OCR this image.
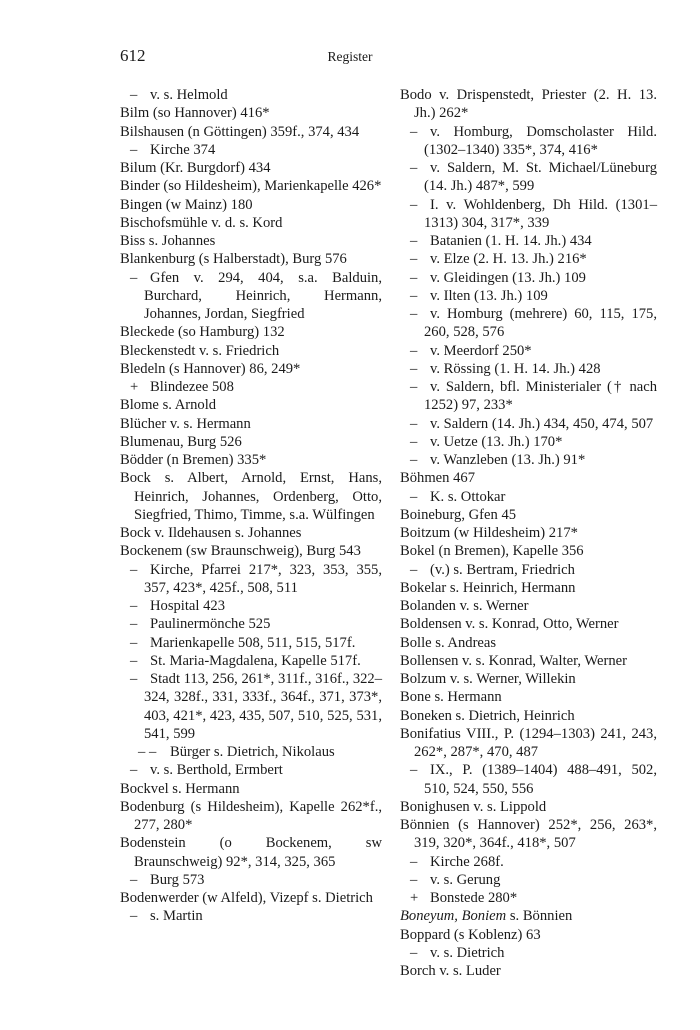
612	Register
– v. s. Helmold
Bilm (so Hannover) 416*
Bilshausen (n Göttingen) 359f., 374, 434
– Kirche 374
Bilum (Kr. Burgdorf) 434
Binder (so Hildesheim), Marienkapelle 426*
Bingen (w Mainz) 180
Bischofsmühle v. d. s. Kord
Biss s. Johannes
Blankenburg (s Halberstadt), Burg 576
– Gfen v. 294, 404, s.a. Balduin, Burchard, Heinrich, Hermann, Johannes, Jordan, Siegfried
Bleckede (so Hamburg) 132
Bleckenstedt v. s. Friedrich
Bledeln (s Hannover) 86, 249*
+ Blindezee 508
Blome s. Arnold
Blücher v. s. Hermann
Blumenau, Burg 526
Bödder (n Bremen) 335*
Bock s. Albert, Arnold, Ernst, Hans, Heinrich, Johannes, Ordenberg, Otto, Siegfried, Thimo, Timme, s.a. Wülfingen
Bock v. Ildehausen s. Johannes
Bockenem (sw Braunschweig), Burg 543
– Kirche, Pfarrei 217*, 323, 353, 355, 357, 423*, 425f., 508, 511
– Hospital 423
– Paulinermönche 525
– Marienkapelle 508, 511, 515, 517f.
– St. Maria-Magdalena, Kapelle 517f.
– Stadt 113, 256, 261*, 311f., 316f., 322–324, 328f., 331, 333f., 364f., 371, 373*, 403, 421*, 423, 435, 507, 510, 525, 531, 541, 599
– – Bürger s. Dietrich, Nikolaus
– v. s. Berthold, Ermbert
Bockvel s. Hermann
Bodenburg (s Hildesheim), Kapelle 262*f., 277, 280*
Bodenstein (o Bockenem, sw Braunschweig) 92*, 314, 325, 365
– Burg 573
Bodenwerder (w Alfeld), Vizepf s. Dietrich
– s. Martin
Bodo v. Drispenstedt, Priester (2. H. 13. Jh.) 262*
– v. Homburg, Domscholaster Hild. (1302–1340) 335*, 374, 416*
– v. Saldern, M. St. Michael/Lüneburg (14. Jh.) 487*, 599
– I. v. Wohldenberg, Dh Hild. (1301–1313) 304, 317*, 339
– Batanien (1. H. 14. Jh.) 434
– v. Elze (2. H. 13. Jh.) 216*
– v. Gleidingen (13. Jh.) 109
– v. Ilten (13. Jh.) 109
– v. Homburg (mehrere) 60, 115, 175, 260, 528, 576
– v. Meerdorf 250*
– v. Rössing (1. H. 14. Jh.) 428
– v. Saldern, bfl. Ministerialer († nach 1252) 97, 233*
– v. Saldern (14. Jh.) 434, 450, 474, 507
– v. Uetze (13. Jh.) 170*
– v. Wanzleben (13. Jh.) 91*
Böhmen 467
– K. s. Ottokar
Boineburg, Gfen 45
Boitzum (w Hildesheim) 217*
Bokel (n Bremen), Kapelle 356
– (v.) s. Bertram, Friedrich
Bokelar s. Heinrich, Hermann
Bolanden v. s. Werner
Boldensen v. s. Konrad, Otto, Werner
Bolle s. Andreas
Bollensen v. s. Konrad, Walter, Werner
Bolzum v. s. Werner, Willekin
Bone s. Hermann
Boneken s. Dietrich, Heinrich
Bonifatius VIII., P. (1294–1303) 241, 243, 262*, 287*, 470, 487
– IX., P. (1389–1404) 488–491, 502, 510, 524, 550, 556
Bonighusen v. s. Lippold
Bönnien (s Hannover) 252*, 256, 263*, 319, 320*, 364f., 418*, 507
– Kirche 268f.
– v. s. Gerung
+ Bonstede 280*
Boneyum, Boniem s. Bönnien
Boppard (s Koblenz) 63
– v. s. Dietrich
Borch v. s. Luder
